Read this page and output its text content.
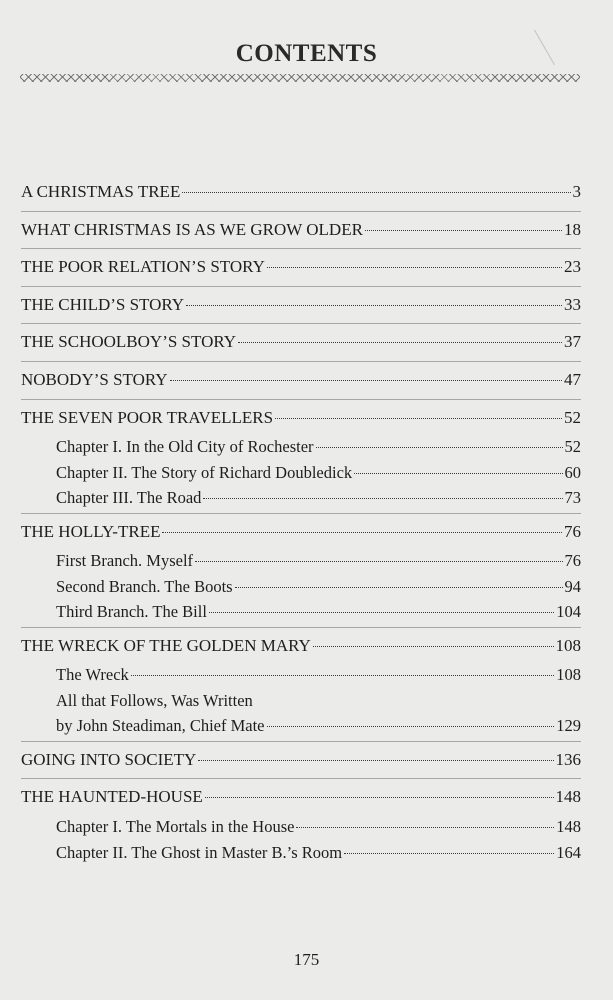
CONTENTS
A CHRISTMAS TREE	3
WHAT CHRISTMAS IS AS WE GROW OLDER	18
THE POOR RELATION’S STORY	23
THE CHILD’S STORY	33
THE SCHOOLBOY’S STORY	37
NOBODY’S STORY	47
THE SEVEN POOR TRAVELLERS	52
Chapter I. In the Old City of Rochester	52
Chapter II. The Story of Richard Doubledick	60
Chapter III. The Road	73
THE HOLLY-TREE	76
First Branch. Myself	76
Second Branch. The Boots	94
Third Branch. The Bill	104
THE WRECK OF THE GOLDEN MARY	108
The Wreck	108
All that Follows, Was Written
by John Steadiman, Chief Mate	129
GOING INTO SOCIETY	136
THE HAUNTED-HOUSE	148
Chapter I. The Mortals in the House	148
Chapter II. The Ghost in Master B.’s Room	164
175
